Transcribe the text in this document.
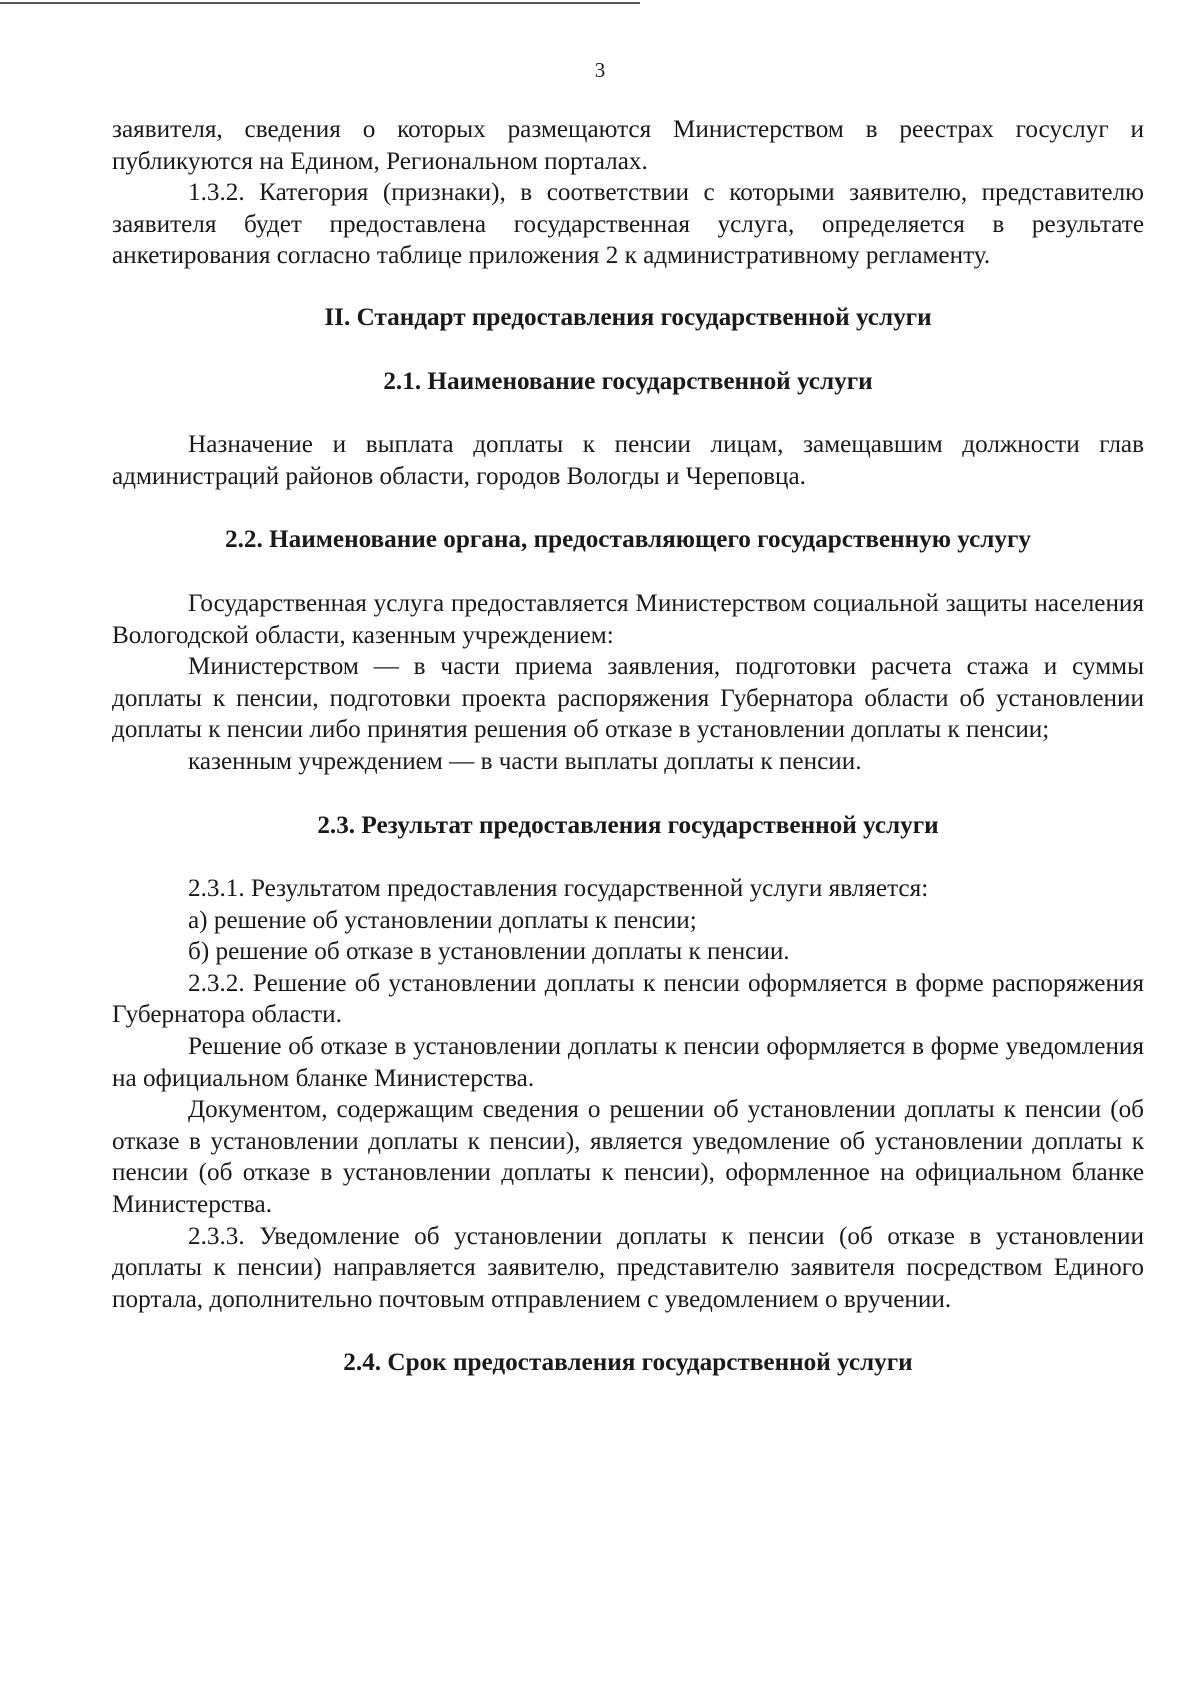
3

заявителя, сведения о которых размещаются Министерством в реестрах госуслуг и публикуются на Едином, Региональном порталах.

1.3.2. Категория (признаки), в соответствии с которыми заявителю, представителю заявителя будет предоставлена государственная услуга, определяется в результате анкетирования согласно таблице приложения 2 к административному регламенту.

II. Стандарт предоставления государственной услуги
2.1. Наименование государственной услуги

Назначение и выплата доплаты к пенсии лицам, замещавшим должности глав администраций районов области, городов Вологды и Череповца.

2.2. Наименование органа, предоставляющего государственную услугу

Государственная услуга предоставляется Министерством социальной защиты населения Вологодской области, казенным учреждением:

Министерством — в части приема заявления, подготовки расчета стажа и суммы доплаты к пенсии, подготовки проекта распоряжения Губернатора области об установлении доплаты к пенсии либо принятия решения об отказе в установлении доплаты к пенсии;

казенным учреждением — в части выплаты доплаты к пенсии.

2.3. Результат предоставления государственной услуги

2.3.1. Результатом предоставления государственной услуги является:

а) решение об установлении доплаты к пенсии;

б) решение об отказе в установлении доплаты к пенсии.

2.3.2. Решение об установлении доплаты к пенсии оформляется в форме распоряжения Губернатора области.

Решение об отказе в установлении доплаты к пенсии оформляется в форме уведомления на официальном бланке Министерства.

Документом, содержащим сведения о решении об установлении доплаты к пенсии (об отказе в установлении доплаты к пенсии), является уведомление об установлении доплаты к пенсии (об отказе в установлении доплаты к пенсии), оформленное на официальном бланке Министерства.

2.3.3. Уведомление об установлении доплаты к пенсии (об отказе в установлении доплаты к пенсии) направляется заявителю, представителю заявителя посредством Единого портала, дополнительно почтовым отправлением с уведомлением о вручении.

2.4. Срок предоставления государственной услуги
